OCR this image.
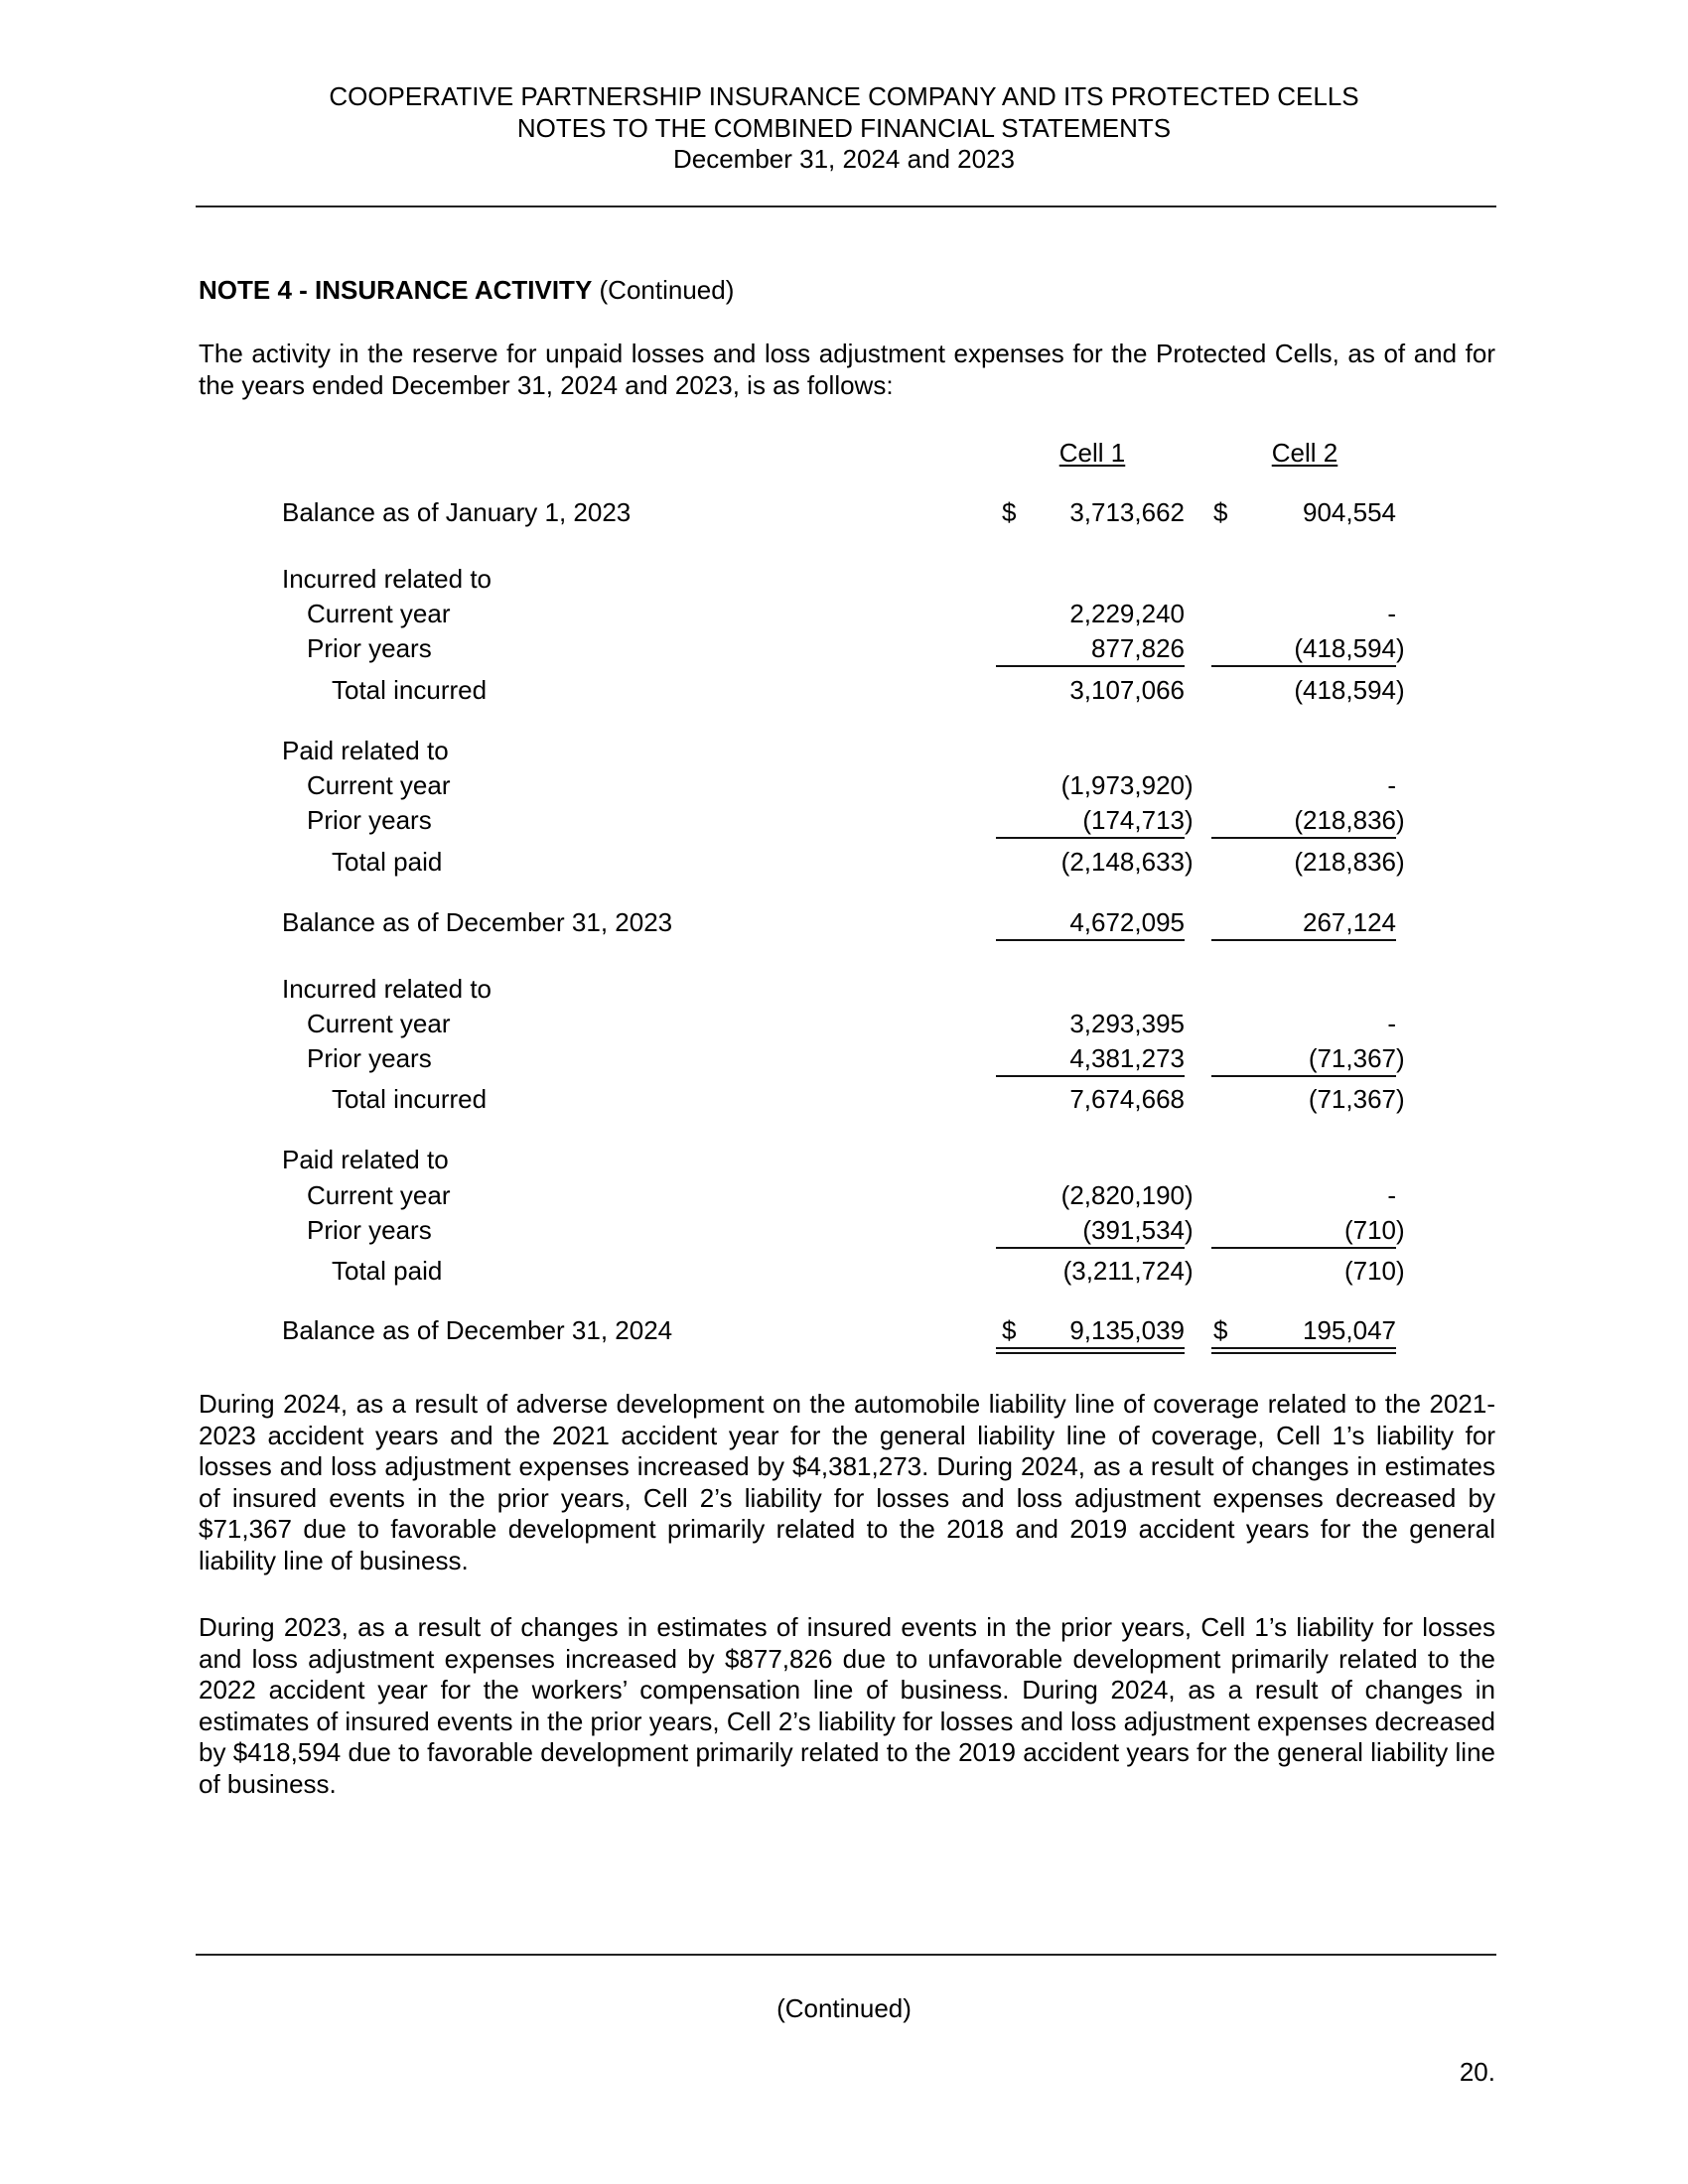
COOPERATIVE PARTNERSHIP INSURANCE COMPANY AND ITS PROTECTED CELLS
NOTES TO THE COMBINED FINANCIAL STATEMENTS
December 31, 2024 and 2023
NOTE 4 - INSURANCE ACTIVITY (Continued)
The activity in the reserve for unpaid losses and loss adjustment expenses for the Protected Cells, as of and for the years ended December 31, 2024 and 2023, is as follows:
Cell 1	Cell 2
Balance as of January 1, 2023	$	3,713,662 $	904,554
Incurred related to
Current year	2,229,240	-
Prior years	877,826	(418,594 )
Total incurred	3,107,066	(418,594 )
Paid related to
Current year	(1,973,920 )	-
Prior years	(174,713 )	(218,836 )
Total paid	(2,148,633 )	(218,836 )
Balance as of December 31, 2023	4,672,095	267,124
Incurred related to
Current year	3,293,395	-
Prior years	4,381,273	(71,367 )
Total incurred	7,674,668	(71,367 )
Paid related to
Current year	(2,820,190 )	-
Prior years	(391,534 )	(710 )
Total paid	(3,211,724 )	(710 )
Balance as of December 31, 2024	$	9,135,039 $	195,047
During 2024, as a result of adverse development on the automobile liability line of coverage related to the 2021-2023 accident years and the 2021 accident year for the general liability line of coverage, Cell 1’s liability for losses and loss adjustment expenses increased by $4,381,273. During 2024, as a result of changes in estimates of insured events in the prior years, Cell 2’s liability for losses and loss adjustment expenses decreased by $71,367 due to favorable development primarily related to the 2018 and 2019 accident years for the general liability line of business.
During 2023, as a result of changes in estimates of insured events in the prior years, Cell 1’s liability for losses and loss adjustment expenses increased by $877,826 due to unfavorable development primarily related to the 2022 accident year for the workers’ compensation line of business. During 2024, as a result of changes in estimates of insured events in the prior years, Cell 2’s liability for losses and loss adjustment expenses decreased by $418,594 due to favorable development primarily related to the 2019 accident years for the general liability line of business.
(Continued)
20.
